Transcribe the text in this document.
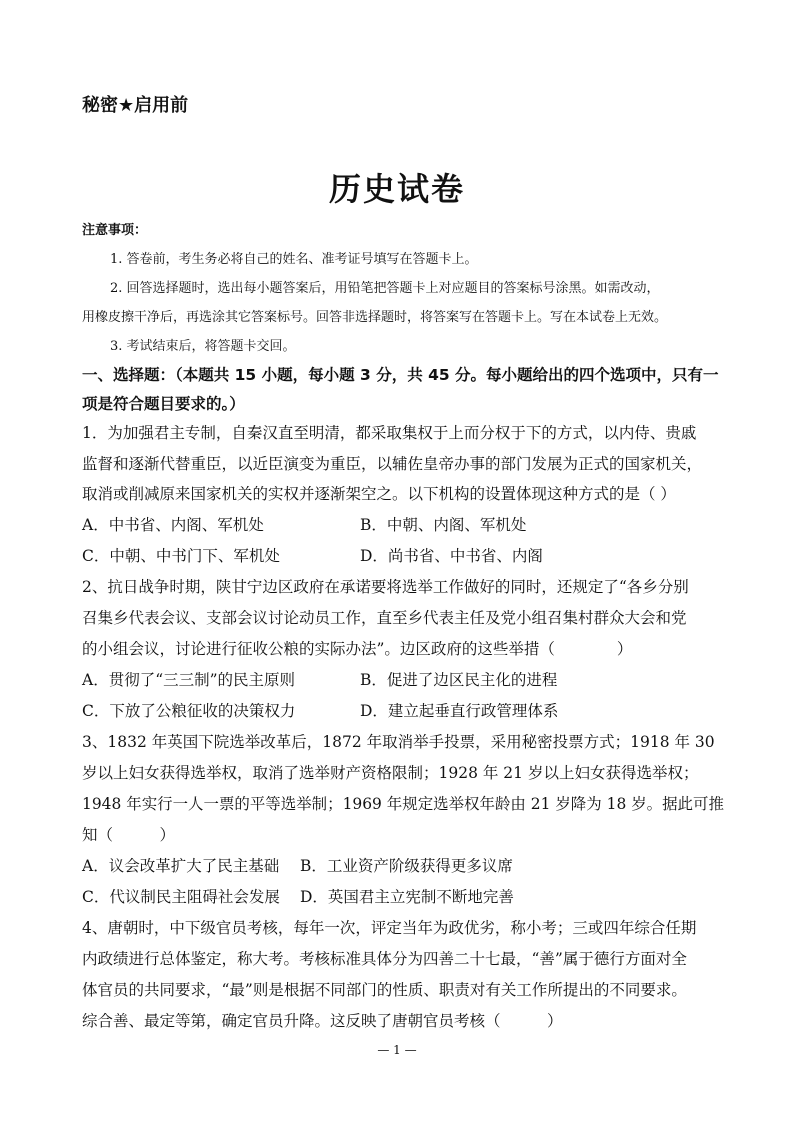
秘密★启用前
历史试卷
注意事项：
1. 答卷前，考生务必将自己的姓名、准考证号填写在答题卡上。
2. 回答选择题时，选出每小题答案后，用铅笔把答题卡上对应题目的答案标号涂黑。如需改动，
用橡皮擦干净后，再选涂其它答案标号。回答非选择题时，将答案写在答题卡上。写在本试卷上无效。
3. 考试结束后，将答题卡交回。
一、选择题：（本题共 15 小题，每小题 3 分，共 45 分。每小题给出的四个选项中，只有一
项是符合题目要求的。）
1．为加强君主专制，自秦汉直至明清，都采取集权于上而分权于下的方式，以内侍、贵戚
监督和逐渐代替重臣，以近臣演变为重臣，以辅佐皇帝办事的部门发展为正式的国家机关，
取消或削减原来国家机关的实权并逐渐架空之。以下机构的设置体现这种方式的是（ ）
A．中书省、内阁、军机处	B．中朝、内阁、军机处
C．中朝、中书门下、军机处	D．尚书省、中书省、内阁
2、抗日战争时期，陕甘宁边区政府在承诺要将选举工作做好的同时，还规定了“各乡分别
召集乡代表会议、支部会议讨论动员工作，直至乡代表主任及党小组召集村群众大会和党
的小组会议，讨论进行征收公粮的实际办法”。边区政府的这些举措（　　　　）
A．贯彻了“三三制”的民主原则	B．促进了边区民主化的进程
C．下放了公粮征收的决策权力	D．建立起垂直行政管理体系
3、1832 年英国下院选举改革后，1872 年取消举手投票，采用秘密投票方式；1918 年 30
岁以上妇女获得选举权，取消了选举财产资格限制；1928 年 21 岁以上妇女获得选举权；
1948 年实行一人一票的平等选举制；1969 年规定选举权年龄由 21 岁降为 18 岁。据此可推
知（　　　）
A．议会改革扩大了民主基础 B．工业资产阶级获得更多议席
C．代议制民主阻碍社会发展 D．英国君主立宪制不断地完善
4、唐朝时，中下级官员考核，每年一次，评定当年为政优劣，称小考；三或四年综合任期
内政绩进行总体鉴定，称大考。考核标准具体分为四善二十七最，“善”属于德行方面对全
体官员的共同要求，“最”则是根据不同部门的性质、职责对有关工作所提出的不同要求。
综合善、最定等第，确定官员升降。这反映了唐朝官员考核（　　　）
— 1 —
